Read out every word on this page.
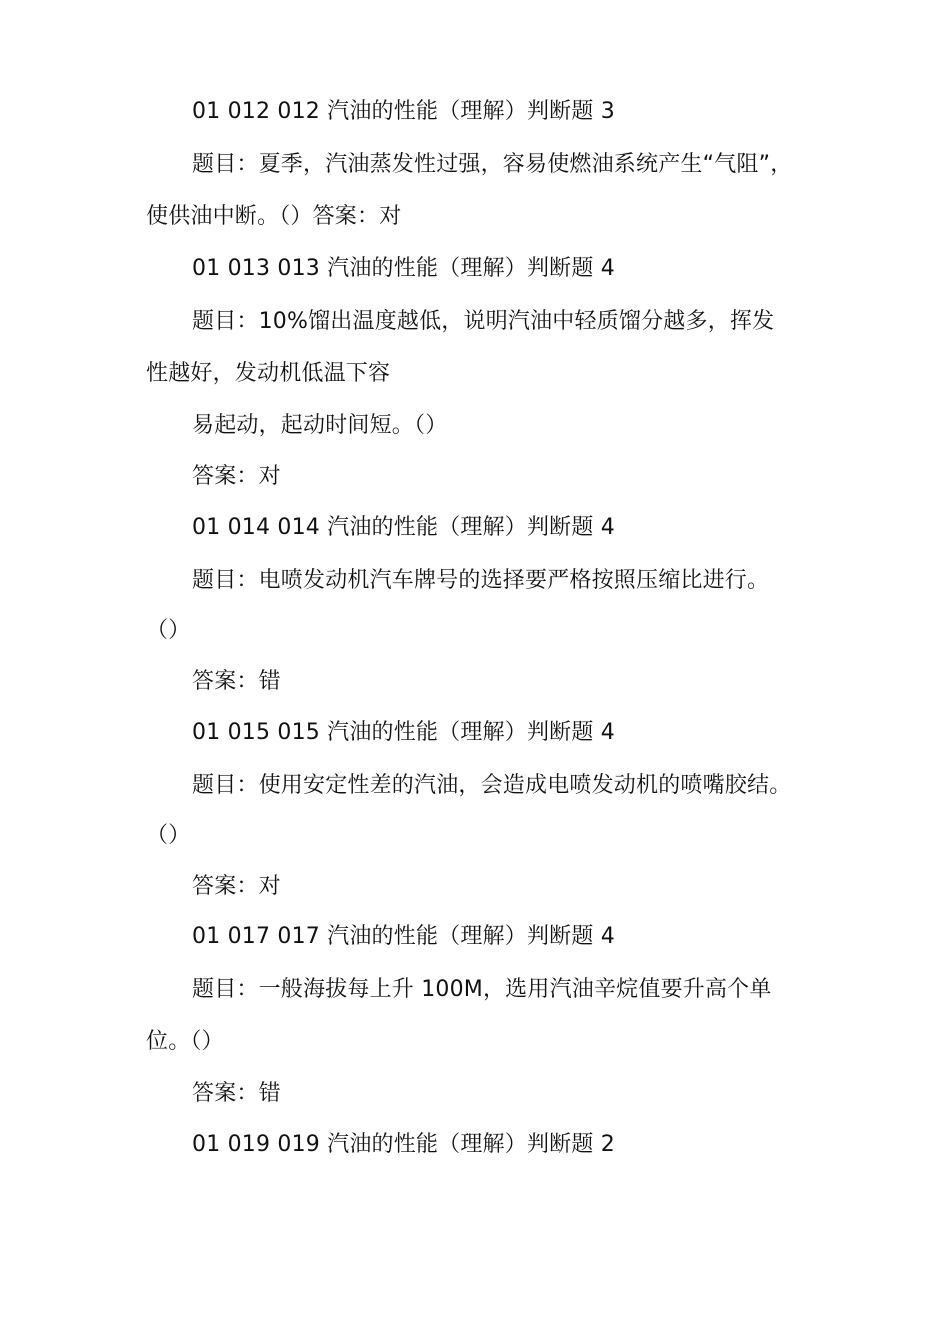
01 012 012 汽油的性能（理解）判断题 3
题目：夏季，汽油蒸发性过强，容易使燃油系统产生“气阻”，
使供油中断。（）答案：对
01 013 013 汽油的性能（理解）判断题 4
题目：10%馏出温度越低，说明汽油中轻质馏分越多，挥发
性越好，发动机低温下容
易起动，起动时间短。（）
答案：对
01 014 014 汽油的性能（理解）判断题 4
题目：电喷发动机汽车牌号的选择要严格按照压缩比进行。
（）
答案：错
01 015 015 汽油的性能（理解）判断题 4
题目：使用安定性差的汽油，会造成电喷发动机的喷嘴胶结。
（）
答案：对
01 017 017 汽油的性能（理解）判断题 4
题目：一般海拔每上升 100M，选用汽油辛烷值要升高个单
位。（）
答案：错
01 019 019 汽油的性能（理解）判断题 2
